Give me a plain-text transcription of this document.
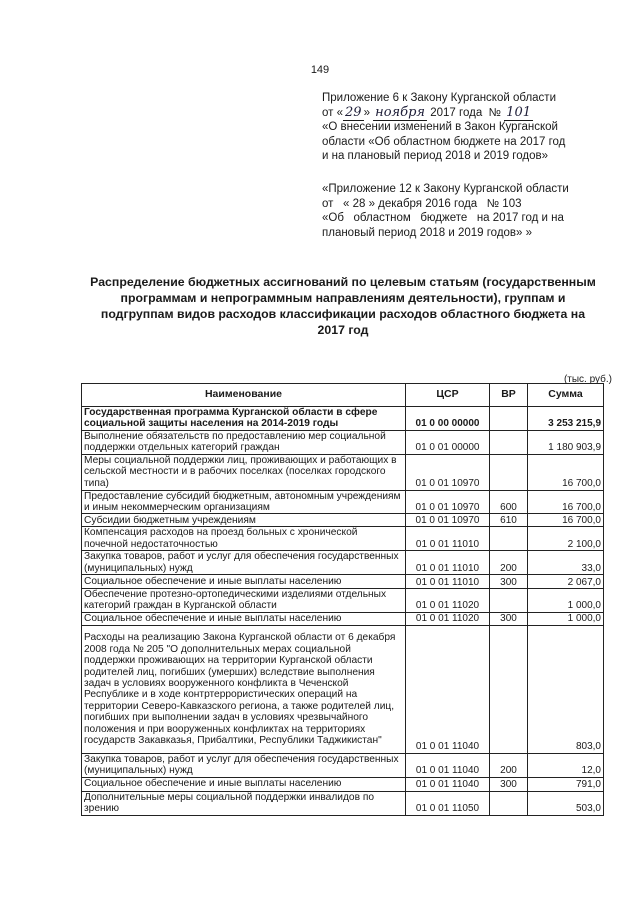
149
Приложение 6 к Закону Курганской области
от « 29 » ноября 2017 года № 101
«О внесении изменений в Закон Курганской
области «Об областном бюджете на 2017 год
и на плановый период 2018 и 2019 годов»
«Приложение 12 к Закону Курганской области
от   « 28 » декабря 2016 года   № 103
«Об   областном   бюджете   на 2017 год и на
плановый период 2018 и 2019 годов» »
Распределение бюджетных ассигнований по целевым статьям (государственным
программам и непрограммным направлениям деятельности), группам и
подгруппам видов расходов классификации расходов областного бюджета на
2017 год
(тыс. руб.)
Наименование	ЦСР	ВР	Сумма
Государственная программа Курганской области в сфере социальной защиты населения на 2014-2019 годы	01 0 00 00000		3 253 215,9
Выполнение обязательств по предоставлению мер социальной поддержки отдельных категорий граждан	01 0 01 00000		1 180 903,9
Меры социальной поддержки лиц, проживающих и работающих в сельской местности и в рабочих поселках (поселках городского типа)	01 0 01 10970		16 700,0
Предоставление субсидий бюджетным, автономным учреждениям и иным некоммерческим организациям	01 0 01 10970	600	16 700,0
Субсидии бюджетным учреждениям	01 0 01 10970	610	16 700,0
Компенсация расходов на проезд больных с хронической почечной недостаточностью	01 0 01 11010		2 100,0
Закупка товаров, работ и услуг для обеспечения государственных (муниципальных) нужд	01 0 01 11010	200	33,0
Социальное обеспечение и иные выплаты населению	01 0 01 11010	300	2 067,0
Обеспечение протезно-ортопедическими изделиями отдельных категорий граждан в Курганской области	01 0 01 11020		1 000,0
Социальное обеспечение и иные выплаты населению	01 0 01 11020	300	1 000,0
Расходы на реализацию Закона Курганской области от 6 декабря 2008 года № 205 "О дополнительных мерах социальной поддержки проживающих на территории Курганской области родителей лиц, погибших (умерших) вследствие выполнения задач в условиях вооруженного конфликта в Чеченской Республике и в ходе контртеррористических операций на территории Северо-Кавказского региона, а также родителей лиц, погибших при выполнении задач в условиях чрезвычайного положения и при вооруженных конфликтах на территориях государств Закавказья, Прибалтики, Республики Таджикистан"	01 0 01 11040		803,0
Закупка товаров, работ и услуг для обеспечения государственных (муниципальных) нужд	01 0 01 11040	200	12,0
Социальное обеспечение и иные выплаты населению	01 0 01 11040	300	791,0
Дополнительные меры социальной поддержки инвалидов по зрению	01 0 01 11050		503,0
